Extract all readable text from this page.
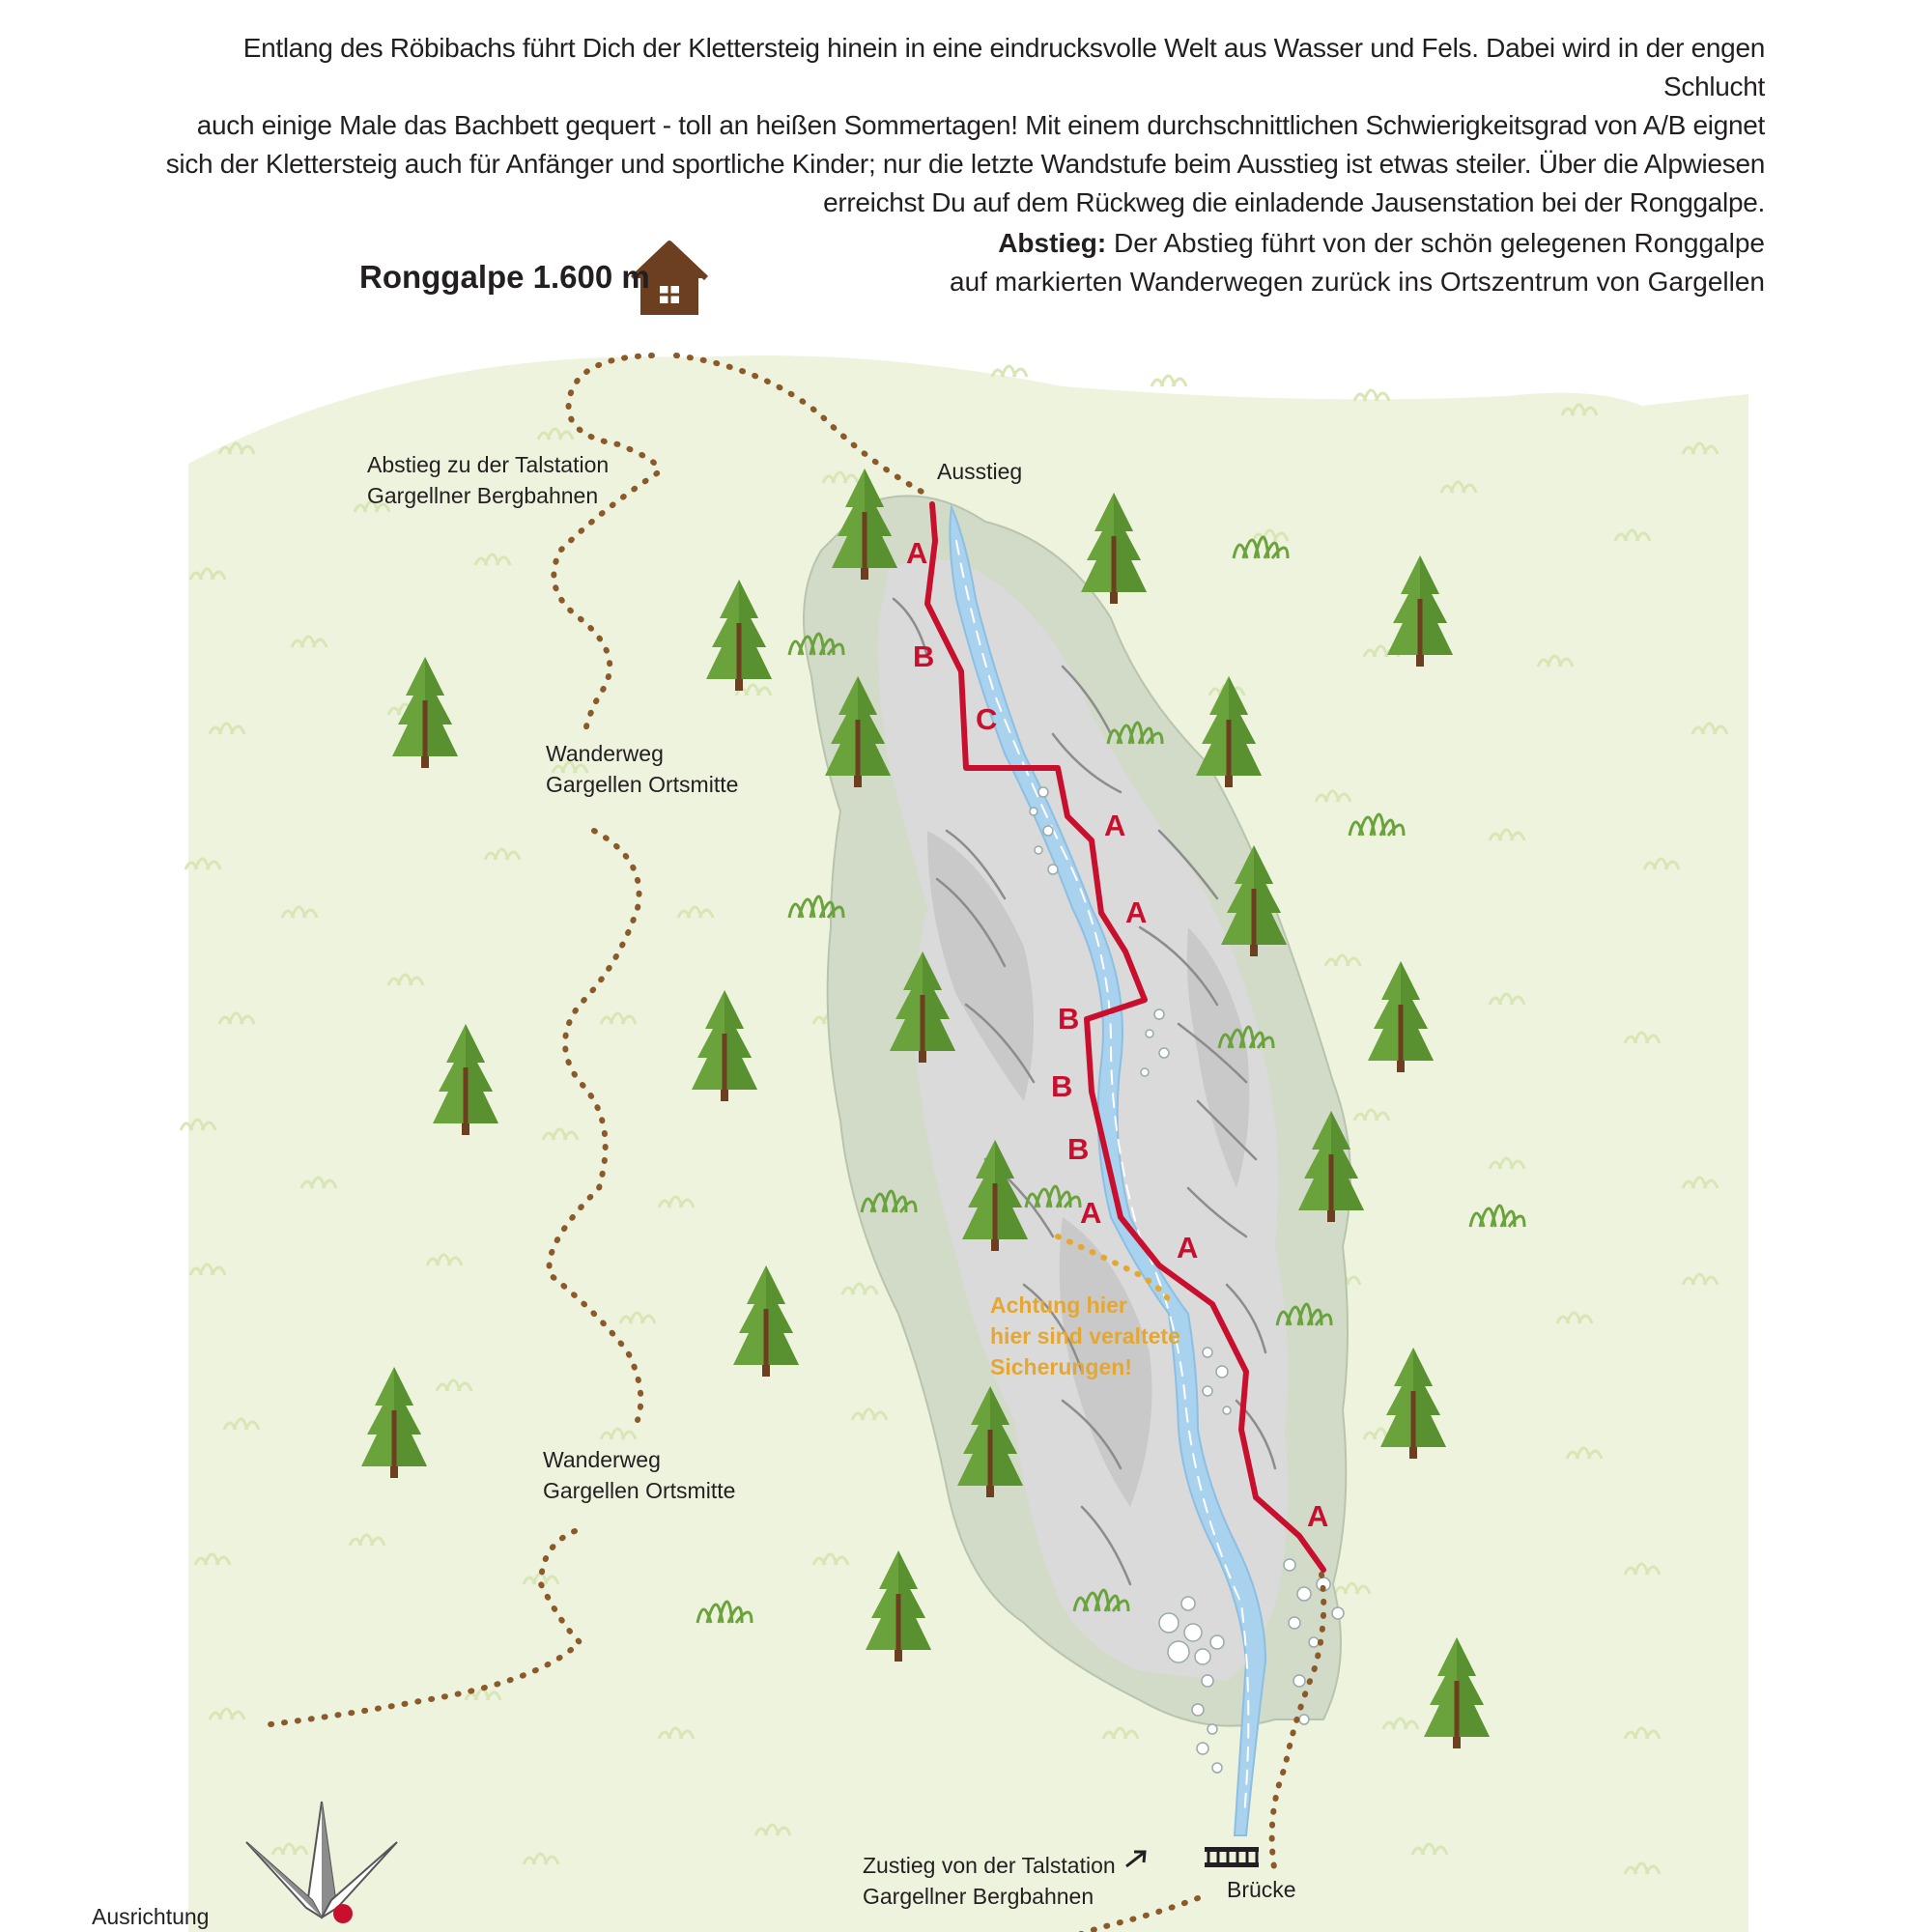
Entlang des Röbibachs führt Dich der Klettersteig hinein in eine eindrucksvolle Welt aus Wasser und Fels. Dabei wird in der engen Schlucht

auch einige Male das Bachbett gequert - toll an heißen Sommertagen! Mit einem durchschnittlichen Schwierigkeitsgrad von A/B eignet

sich der Klettersteig auch für Anfänger und sportliche Kinder; nur die letzte Wandstufe beim Ausstieg ist etwas steiler. Über die Alpwiesen

erreichst Du auf dem Rückweg die einladende Jausenstation bei der Ronggalpe.

Abstieg: Der Abstieg führt von der schön gelegenen Ronggalpe
auf markierten Wanderwegen zurück ins Ortszentrum von Gargellen
A
B
C
A
A
B
B
B
A
A
A
Ronggalpe 1.600 m
Ausstieg
Abstieg zu der Talstation
Gargellner Bergbahnen
Wanderweg
Gargellen Ortsmitte
Wanderweg
Gargellen Ortsmitte
Achtung hier
hier sind veraltete
Sicherungen!
Zustieg von der Talstation
Gargellner Bergbahnen	Brücke
Ausrichtung
